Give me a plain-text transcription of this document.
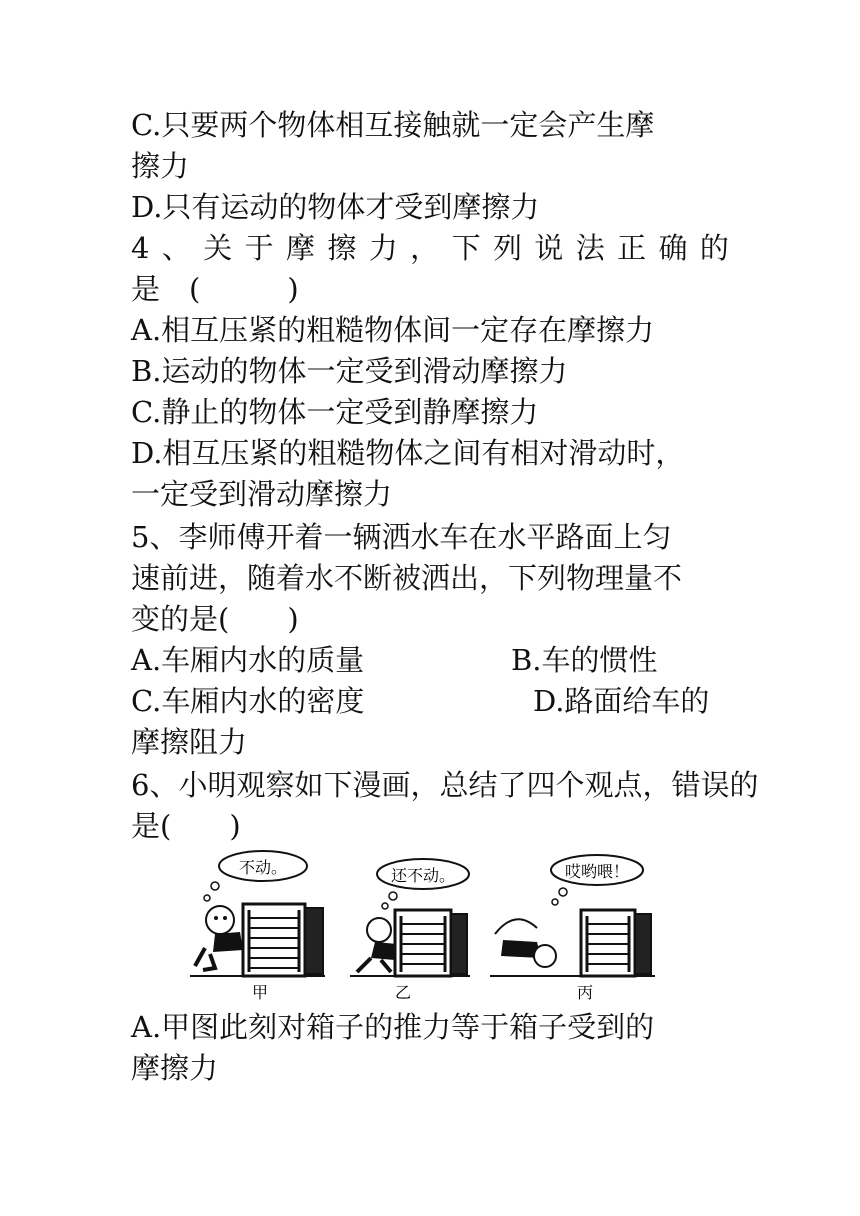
C.只要两个物体相互接触就一定会产生摩
擦力
D.只有运动的物体才受到摩擦力
4 、 关 于 摩 擦 力 ， 下 列 说 法 正 确 的
是　(　　　)
A.相互压紧的粗糙物体间一定存在摩擦力
B.运动的物体一定受到滑动摩擦力
C.静止的物体一定受到静摩擦力
D.相互压紧的粗糙物体之间有相对滑动时，
一定受到滑动摩擦力
5、李师傅开着一辆洒水车在水平路面上匀
速前进，随着水不断被洒出，下列物理量不
变的是(　　)
A.车厢内水的质量	B.车的惯性
C.车厢内水的密度	D.路面给车的
摩擦阻力
6、小明观察如下漫画，总结了四个观点，错误的
是(　　)
不动。
甲
还不动。
乙
哎哟喂！
丙
A.甲图此刻对箱子的推力等于箱子受到的
摩擦力
